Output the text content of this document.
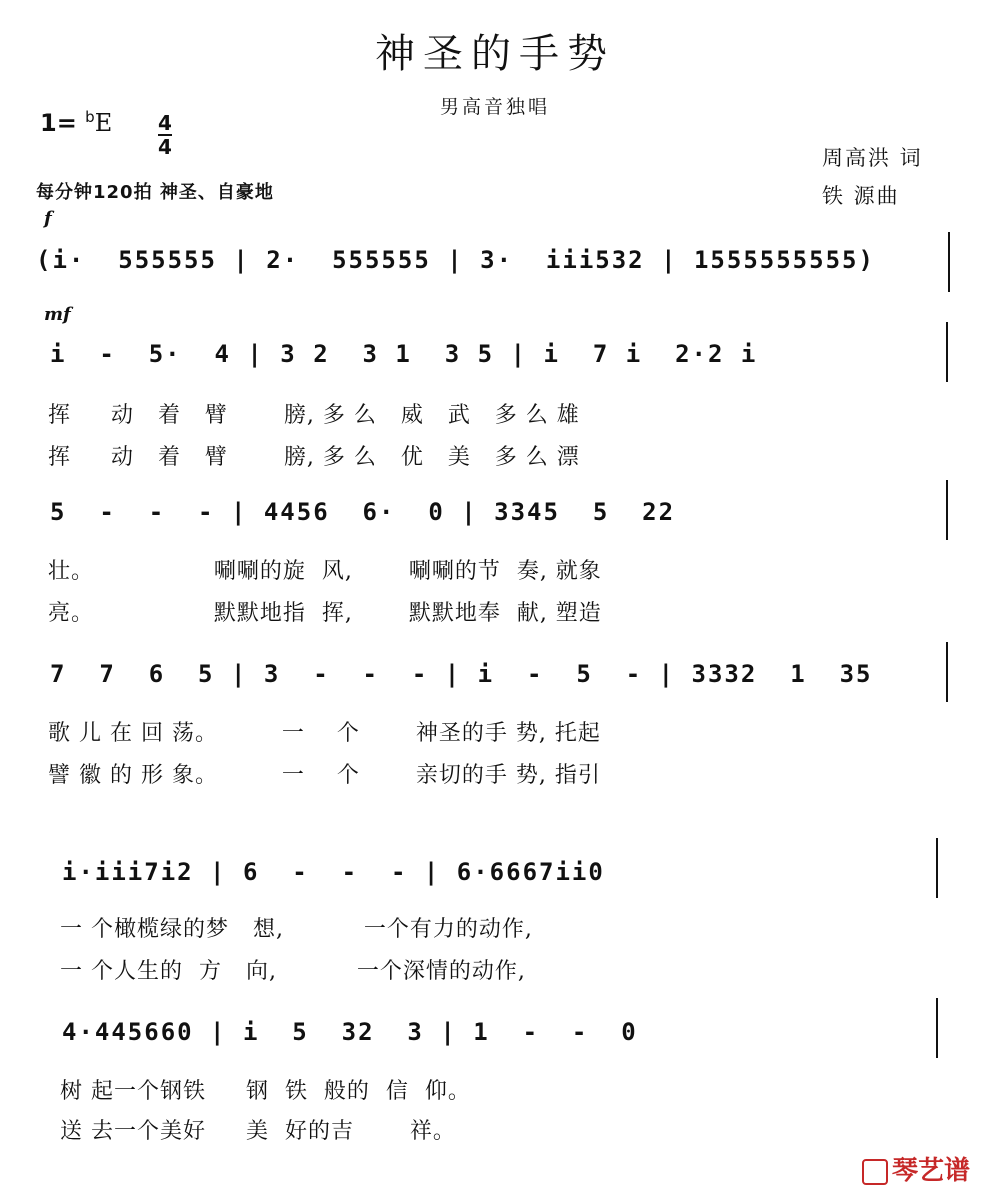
神圣的手势
男高音独唱
1= $^b$E 4
4
每分钟120拍 神圣、自豪地
周高洪 词
铁 源曲
f
(i·  555555 | 2·  555555 | 3·  iii532 | 1555555555)
mf
i  -  5·  4 | 3 2  3 1  3 5 | i  7 i  2·2 i
挥     动   着   臂       膀, 多 么   威   武   多 么 雄
挥     动   着   臂       膀, 多 么   优   美   多 么 漂
5  -  -  - | 4456  6·  0 | 3345  5  22
壮。               唰唰的旋  风,       唰唰的节  奏, 就象
亮。               默默地指  挥,       默默地奉  献, 塑造
7  7  6  5 | 3  -  -  - | i  -  5  - | 3332  1  35
歌 儿 在 回 荡。        一    个       神圣的手 势, 托起
譬 徽 的 形 象。        一    个       亲切的手 势, 指引
i·iii7i2 | 6  -  -  - | 6·6667ii0
一 个橄榄绿的梦   想,          一个有力的动作,
一 个人生的  方   向,          一个深情的动作,
4·445660 | i  5  32  3 | 1  -  -  0
树 起一个钢铁     钢  铁  般的  信  仰。
送 去一个美好     美  好的吉       祥。
琴艺谱
